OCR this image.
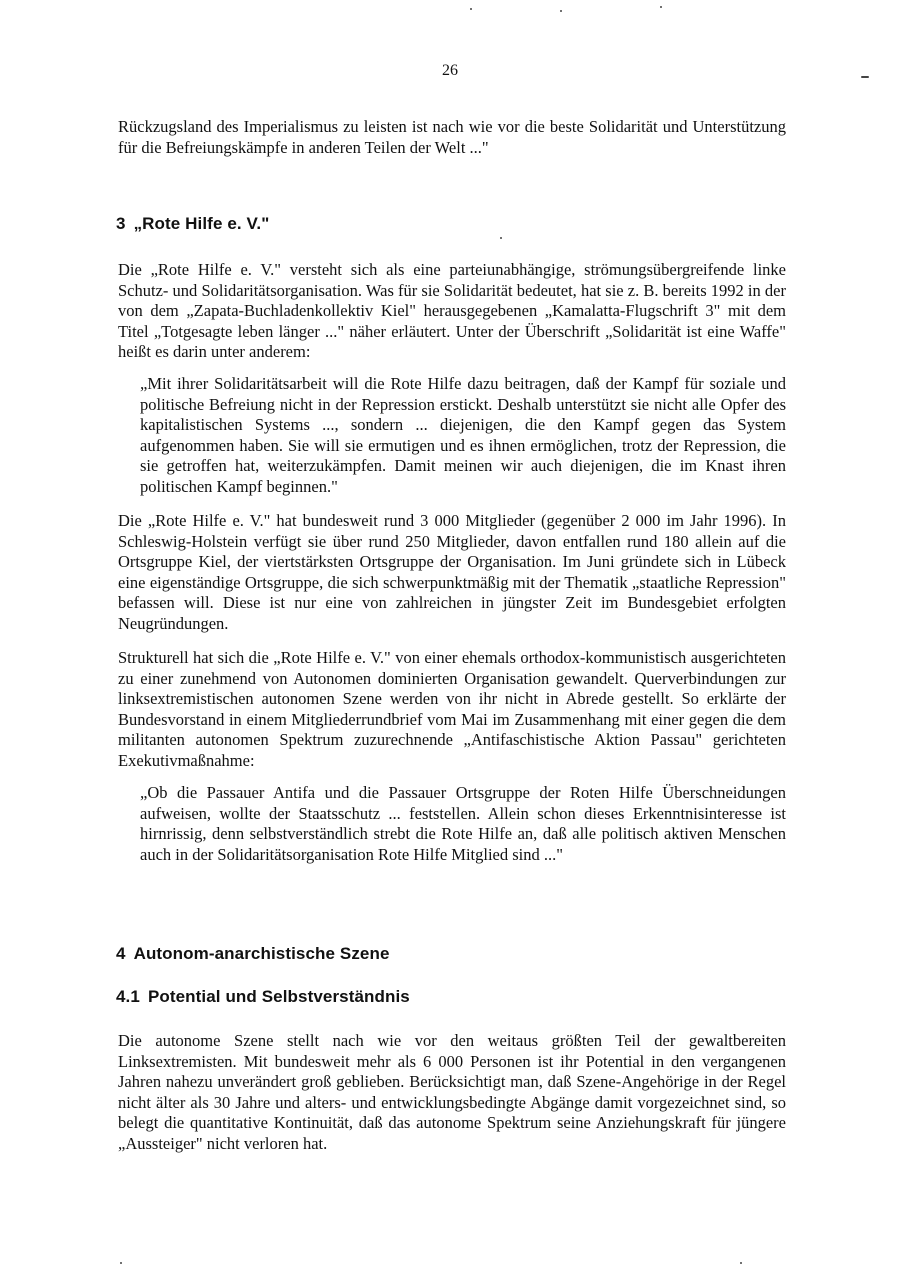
26

Rückzugsland des Imperialismus zu leisten ist nach wie vor die beste Solidarität und Unterstützung für die Befreiungskämpfe in anderen Teilen der Welt ..."

3 „Rote Hilfe e. V."

Die „Rote Hilfe e. V." versteht sich als eine parteiunabhängige, strömungsübergreifende linke Schutz- und Solidaritätsorganisation. Was für sie Solidarität bedeutet, hat sie z. B. bereits 1992 in der von dem „Zapata-Buchladenkollektiv Kiel" herausgegebenen „Kamalatta-Flugschrift 3" mit dem Titel „Totgesagte leben länger ..." näher erläutert. Unter der Überschrift „Solidarität ist eine Waffe" heißt es darin unter anderem:

„Mit ihrer Solidaritätsarbeit will die Rote Hilfe dazu beitragen, daß der Kampf für soziale und politische Befreiung nicht in der Repression erstickt. Deshalb unterstützt sie nicht alle Opfer des kapitalistischen Systems ..., sondern ... diejenigen, die den Kampf gegen das System aufgenommen haben. Sie will sie ermutigen und es ihnen ermöglichen, trotz der Repression, die sie getroffen hat, weiterzukämpfen. Damit meinen wir auch diejenigen, die im Knast ihren politischen Kampf beginnen."

Die „Rote Hilfe e. V." hat bundesweit rund 3 000 Mitglieder (gegenüber 2 000 im Jahr 1996). In Schleswig-Holstein verfügt sie über rund 250 Mitglieder, davon entfallen rund 180 allein auf die Ortsgruppe Kiel, der viertstärksten Ortsgruppe der Organisation. Im Juni gründete sich in Lübeck eine eigenständige Ortsgruppe, die sich schwerpunktmäßig mit der Thematik „staatliche Repression" befassen will. Diese ist nur eine von zahlreichen in jüngster Zeit im Bundesgebiet erfolgten Neugründungen.

Strukturell hat sich die „Rote Hilfe e. V." von einer ehemals orthodox-kommunistisch ausgerichteten zu einer zunehmend von Autonomen dominierten Organisation gewandelt. Querverbindungen zur linksextremistischen autonomen Szene werden von ihr nicht in Abrede gestellt. So erklärte der Bundesvorstand in einem Mitgliederrundbrief vom Mai im Zusammenhang mit einer gegen die dem militanten autonomen Spektrum zuzurechnende „Antifaschistische Aktion Passau" gerichteten Exekutivmaßnahme:

„Ob die Passauer Antifa und die Passauer Ortsgruppe der Roten Hilfe Überschneidungen aufweisen, wollte der Staatsschutz ... feststellen. Allein schon dieses Erkenntnisinteresse ist hirnrissig, denn selbstverständlich strebt die Rote Hilfe an, daß alle politisch aktiven Menschen auch in der Solidaritätsorganisation Rote Hilfe Mitglied sind ..."

4 Autonom-anarchistische Szene
4.1 Potential und Selbstverständnis

Die autonome Szene stellt nach wie vor den weitaus größten Teil der gewaltbereiten Linksextremisten. Mit bundesweit mehr als 6 000 Personen ist ihr Potential in den vergangenen Jahren nahezu unverändert groß geblieben. Berücksichtigt man, daß Szene-Angehörige in der Regel nicht älter als 30 Jahre und alters- und entwicklungsbedingte Abgänge damit vorgezeichnet sind, so belegt die quantitative Kontinuität, daß das autonome Spektrum seine Anziehungskraft für jüngere „Aussteiger" nicht verloren hat.
